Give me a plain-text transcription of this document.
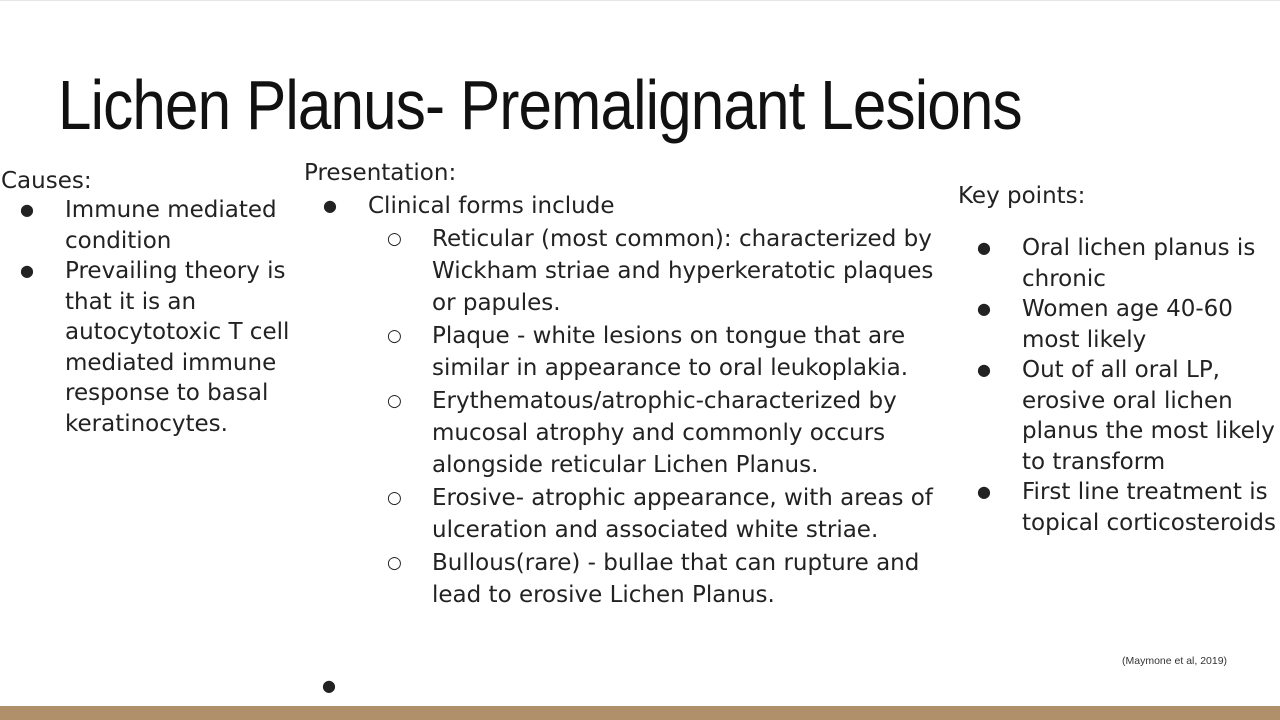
Lichen Planus- Premalignant Lesions
Causes:
● Immune mediated condition
● Prevailing theory is that it is an autocytotoxic T cell mediated immune response to basal keratinocytes.
Presentation:
● Clinical forms include
○ Reticular (most common): characterized by Wickham striae and hyperkeratotic plaques or papules.
○ Plaque - white lesions on tongue that are similar in appearance to oral leukoplakia.
○ Erythematous/atrophic-characterized by mucosal atrophy and commonly occurs alongside reticular Lichen Planus.
○ Erosive- atrophic appearance, with areas of ulceration and associated white striae.
○ Bullous(rare) - bullae that can rupture and lead to erosive Lichen Planus.
●
Key points:
● Oral lichen planus is chronic
● Women age 40-60 most likely
● Out of all oral LP, erosive oral lichen planus the most likely to transform
● First line treatment is topical corticosteroids
(Maymone et al, 2019)
